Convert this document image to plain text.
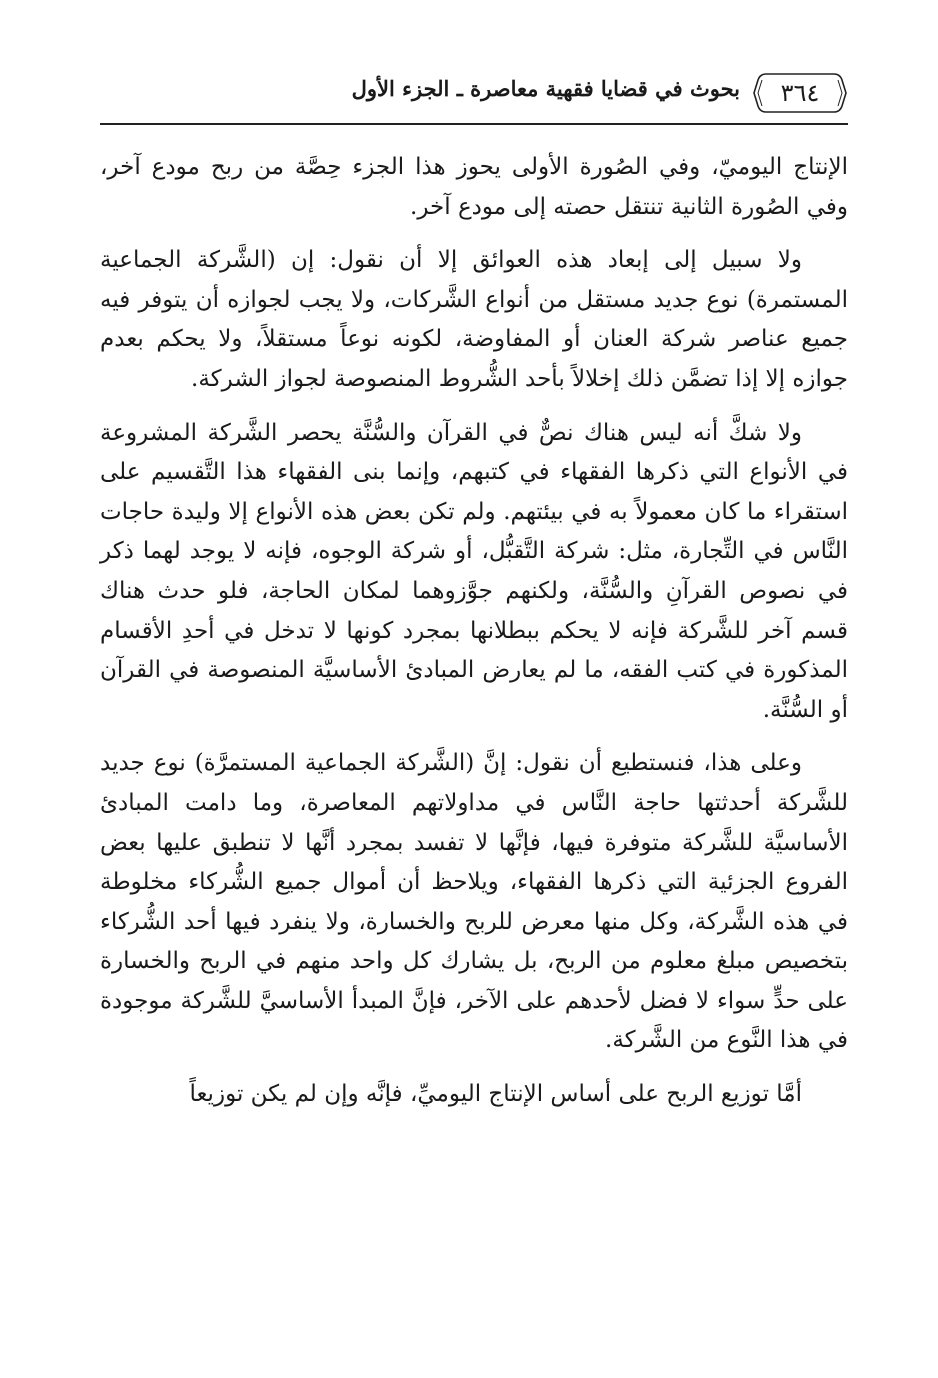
٣٦٤
بحوث في قضايا فقهية معاصرة ـ الجزء الأول

الإنتاج اليوميّ، وفي الصُورة الأولى يحوز هذا الجزء حِصَّة من ربح مودع آخر، وفي الصُورة الثانية تنتقل حصته إلى مودع آخر.

ولا سبيل إلى إبعاد هذه العوائق إلا أن نقول: إن (الشَّركة الجماعية المستمرة) نوع جديد مستقل من أنواع الشَّركات، ولا يجب لجوازه أن يتوفر فيه جميع عناصر شركة العنان أو المفاوضة، لكونه نوعاً مستقلاً، ولا يحكم بعدم جوازه إلا إذا تضمَّن ذلك إخلالاً بأحد الشُّروط المنصوصة لجواز الشركة.

ولا شكَّ أنه ليس هناك نصٌّ في القرآن والسُّنَّة يحصر الشَّركة المشروعة في الأنواع التي ذكرها الفقهاء في كتبهم، وإنما بنى الفقهاء هذا التَّقسيم على استقراء ما كان معمولاً به في بيئتهم. ولم تكن بعض هذه الأنواع إلا وليدة حاجات النَّاس في التِّجارة، مثل: شركة التَّقبُّل، أو شركة الوجوه، فإنه لا يوجد لهما ذكر في نصوص القرآنِ والسُّنَّة، ولكنهم جوَّزوهما لمكان الحاجة، فلو حدث هناك قسم آخر للشَّركة فإنه لا يحكم ببطلانها بمجرد كونها لا تدخل في أحدِ الأقسام المذكورة في كتب الفقه، ما لم يعارض المبادئ الأساسيَّة المنصوصة في القرآن أو السُّنَّة.

وعلى هذا، فنستطيع أن نقول: إنَّ (الشَّركة الجماعية المستمرَّة) نوع جديد للشَّركة أحدثتها حاجة النَّاس في مداولاتهم المعاصرة، وما دامت المبادئ الأساسيَّة للشَّركة متوفرة فيها، فإنَّها لا تفسد بمجرد أنَّها لا تنطبق عليها بعض الفروع الجزئية التي ذكرها الفقهاء، ويلاحظ أن أموال جميع الشُّركاء مخلوطة في هذه الشَّركة، وكل منها معرض للربح والخسارة، ولا ينفرد فيها أحد الشُّركاء بتخصيص مبلغ معلوم من الربح، بل يشارك كل واحد منهم في الربح والخسارة على حدٍّ سواء لا فضل لأحدهم على الآخر، فإنَّ المبدأ الأساسيَّ للشَّركة موجودة في هذا النَّوع من الشَّركة.

أمَّا توزيع الربح على أساس الإنتاج اليوميِّ، فإنَّه وإن لم يكن توزيعاً
